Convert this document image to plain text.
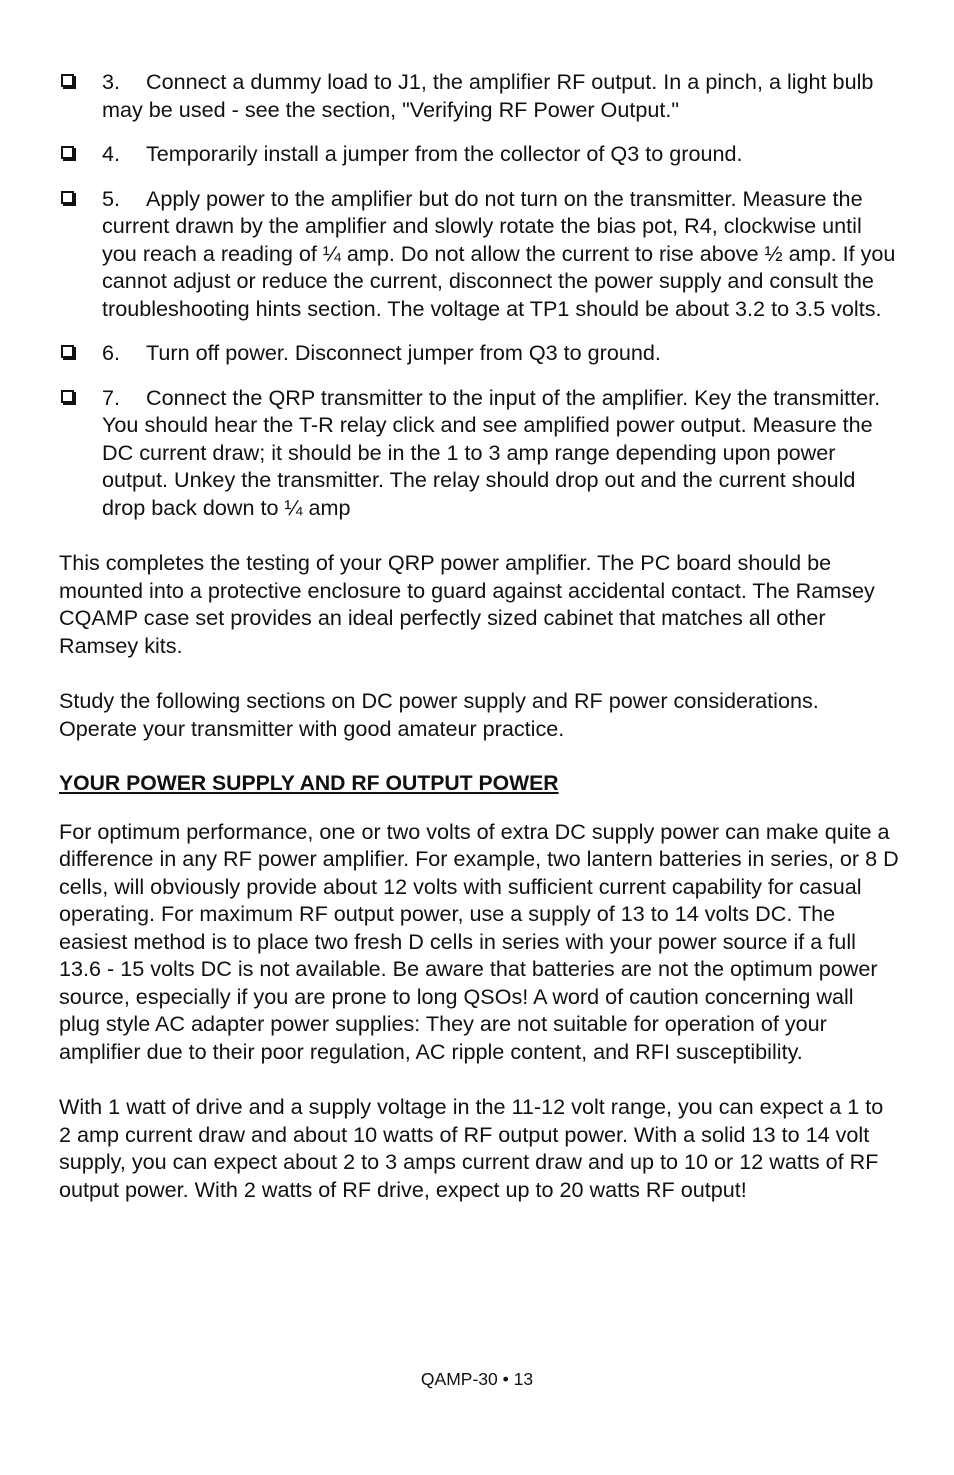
3. Connect a dummy load to J1, the amplifier RF output. In a pinch, a light bulb may be used - see the section, "Verifying RF Power Output."
4. Temporarily install a jumper from the collector of Q3 to ground.
5. Apply power to the amplifier but do not turn on the transmitter. Measure the current drawn by the amplifier and slowly rotate the bias pot, R4, clockwise until you reach a reading of ¼ amp. Do not allow the current to rise above ½ amp. If you cannot adjust or reduce the current, disconnect the power supply and consult the troubleshooting hints section. The voltage at TP1 should be about 3.2 to 3.5 volts.
6. Turn off power. Disconnect jumper from Q3 to ground.
7. Connect the QRP transmitter to the input of the amplifier. Key the transmitter. You should hear the T-R relay click and see amplified power output. Measure the DC current draw; it should be in the 1 to 3 amp range depending upon power output. Unkey the transmitter. The relay should drop out and the current should drop back down to ¼ amp

This completes the testing of your QRP power amplifier. The PC board should be mounted into a protective enclosure to guard against accidental contact. The Ramsey CQAMP case set provides an ideal perfectly sized cabinet that matches all other Ramsey kits.

Study the following sections on DC power supply and RF power considerations. Operate your transmitter with good amateur practice.

YOUR POWER SUPPLY AND RF OUTPUT POWER

For optimum performance, one or two volts of extra DC supply power can make quite a difference in any RF power amplifier. For example, two lantern batteries in series, or 8 D cells, will obviously provide about 12 volts with sufficient current capability for casual operating. For maximum RF output power, use a supply of 13 to 14 volts DC. The easiest method is to place two fresh D cells in series with your power source if a full 13.6 - 15 volts DC is not available. Be aware that batteries are not the optimum power source, especially if you are prone to long QSOs! A word of caution concerning wall plug style AC adapter power supplies: They are not suitable for operation of your amplifier due to their poor regulation, AC ripple content, and RFI susceptibility.

With 1 watt of drive and a supply voltage in the 11-12 volt range, you can expect a 1 to 2 amp current draw and about 10 watts of RF output power. With a solid 13 to 14 volt supply, you can expect about 2 to 3 amps current draw and up to 10 or 12 watts of RF output power. With 2 watts of RF drive, expect up to 20 watts RF output!

QAMP-30 • 13
